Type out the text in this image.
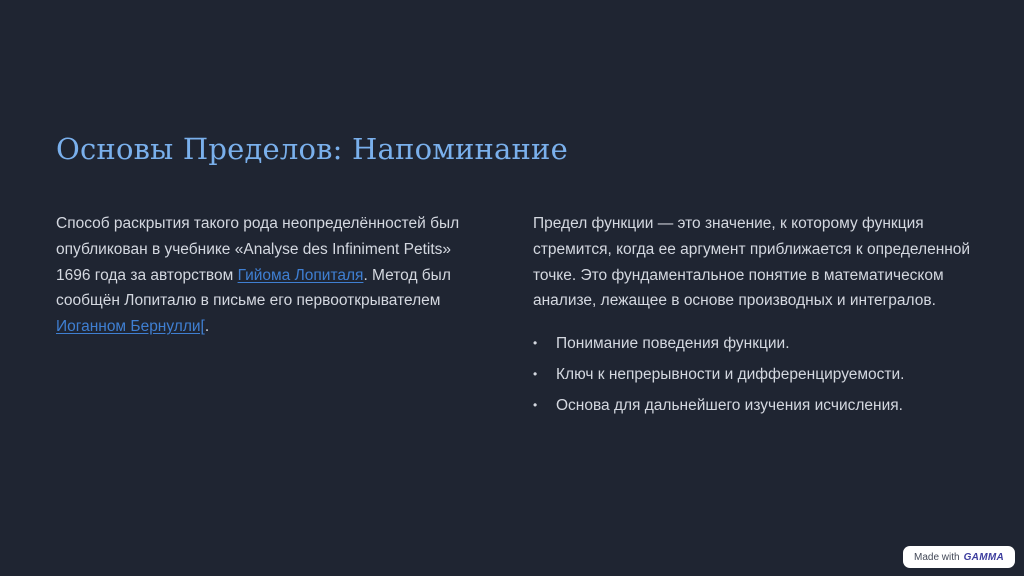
Основы Пределов: Напоминание

Способ раскрытия такого рода неопределённостей был опубликован в учебнике «Analyse des Infiniment Petits» 1696 года за авторством Гийома Лопиталя. Метод был сообщён Лопиталю в письме его первооткрывателем Иоганном Бернулли[.

Предел функции — это значение, к которому функция стремится, когда ее аргумент приближается к определенной точке. Это фундаментальное понятие в математическом анализе, лежащее в основе производных и интегралов.

• Понимание поведения функции.
• Ключ к непрерывности и дифференцируемости.
• Основа для дальнейшего изучения исчисления.
Made with GAMMA
